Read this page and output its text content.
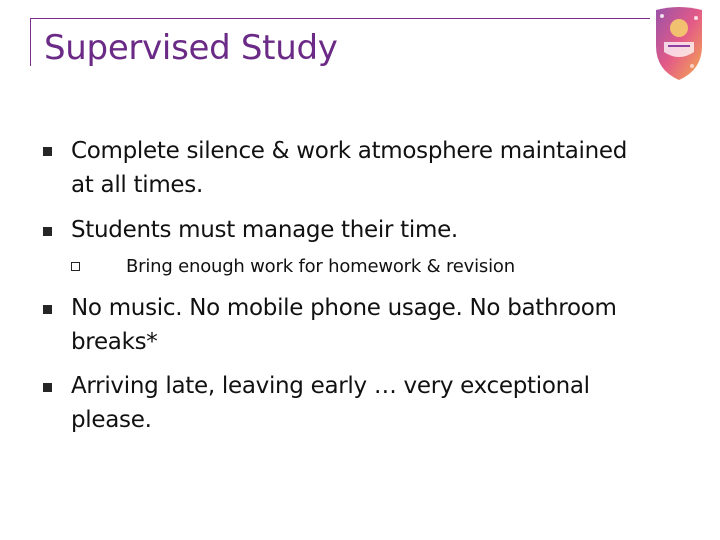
Supervised Study
Complete silence & work atmosphere maintained
at all times.
Students must manage their time.
Bring enough work for homework & revision
No music. No mobile phone usage. No bathroom
breaks*
Arriving late, leaving early … very exceptional
please.
